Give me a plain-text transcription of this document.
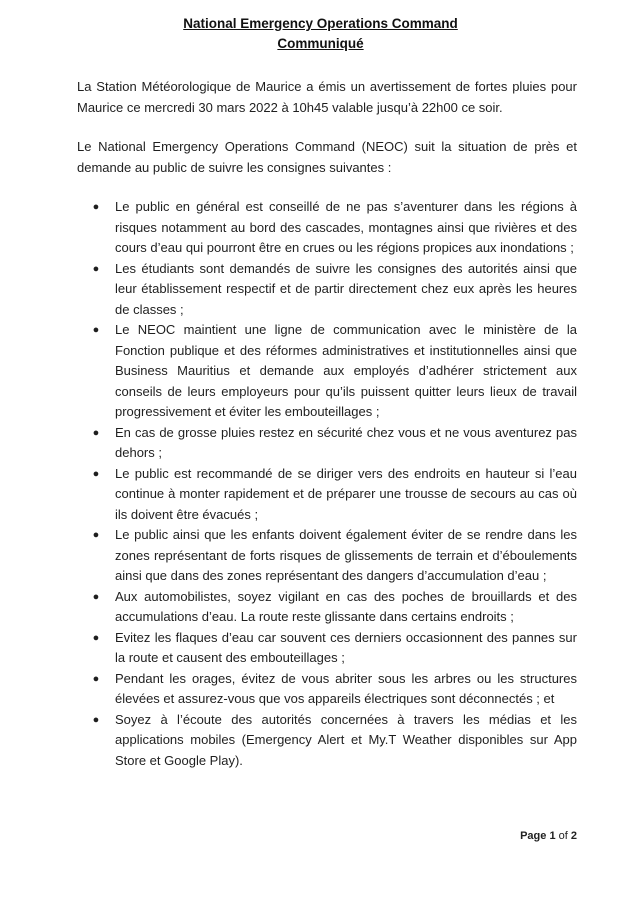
National Emergency Operations Command
Communiqué
La Station Météorologique de Maurice a émis un avertissement de fortes pluies pour Maurice ce mercredi 30 mars 2022 à 10h45 valable jusqu’à 22h00 ce soir.
Le National Emergency Operations Command (NEOC) suit la situation de près et demande au public de suivre les consignes suivantes :
● Le public en général est conseillé de ne pas s’aventurer dans les régions à risques notamment au bord des cascades, montagnes ainsi que rivières et des cours d’eau qui pourront être en crues ou les régions propices aux inondations ;
● Les étudiants sont demandés de suivre les consignes des autorités ainsi que leur établissement respectif et de partir directement chez eux après les heures de classes ;
● Le NEOC maintient une ligne de communication avec le ministère de la Fonction publique et des réformes administratives et institutionnelles ainsi que Business Mauritius et demande aux employés d’adhérer strictement aux conseils de leurs employeurs pour qu’ils puissent quitter leurs lieux de travail progressivement et éviter les embouteillages ;
● En cas de grosse pluies restez en sécurité chez vous et ne vous aventurez pas dehors ;
● Le public est recommandé de se diriger vers des endroits en hauteur si l’eau continue à monter rapidement et de préparer une trousse de secours au cas où ils doivent être évacués ;
● Le public ainsi que les enfants doivent également éviter de se rendre dans les zones représentant de forts risques de glissements de terrain et d’éboulements ainsi que dans des zones représentant des dangers d’accumulation d’eau ;
● Aux automobilistes, soyez vigilant en cas des poches de brouillards et des accumulations d’eau. La route reste glissante dans certains endroits ;
● Evitez les flaques d’eau car souvent ces derniers occasionnent des pannes sur la route et causent des embouteillages ;
● Pendant les orages, évitez de vous abriter sous les arbres ou les structures élevées et assurez-vous que vos appareils électriques sont déconnectés ; et
● Soyez à l’écoute des autorités concernées à travers les médias et les applications mobiles (Emergency Alert et My.T Weather disponibles sur App Store et Google Play).
Page 1 of 2
